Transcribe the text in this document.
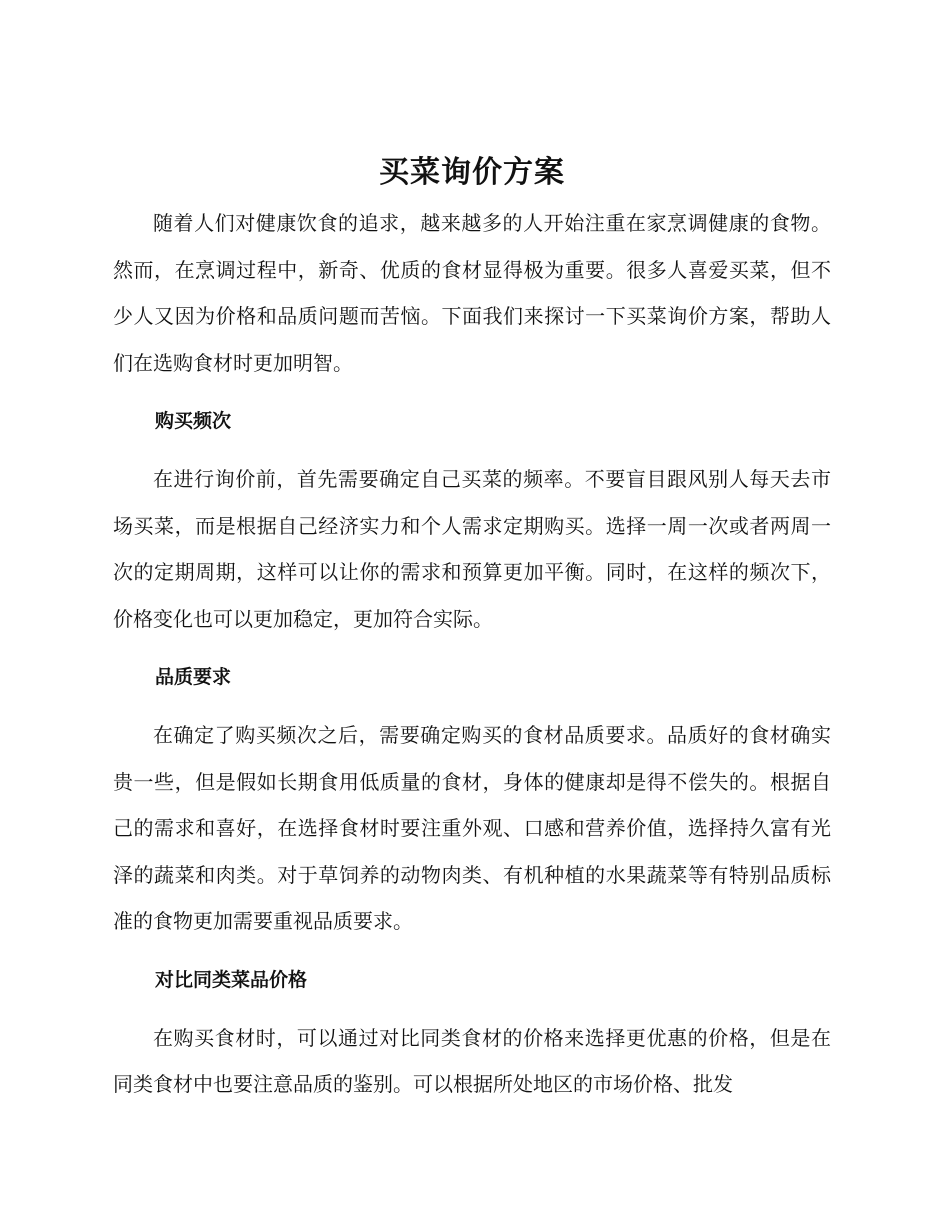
买菜询价方案

随着人们对健康饮食的追求，越来越多的人开始注重在家烹调健康的食物。然而，在烹调过程中，新奇、优质的食材显得极为重要。很多人喜爱买菜，但不少人又因为价格和品质问题而苦恼。下面我们来探讨一下买菜询价方案，帮助人们在选购食材时更加明智。

购买频次

在进行询价前，首先需要确定自己买菜的频率。不要盲目跟风别人每天去市场买菜，而是根据自己经济实力和个人需求定期购买。选择一周一次或者两周一次的定期周期，这样可以让你的需求和预算更加平衡。同时，在这样的频次下，价格变化也可以更加稳定，更加符合实际。

品质要求

在确定了购买频次之后，需要确定购买的食材品质要求。品质好的食材确实贵一些，但是假如长期食用低质量的食材，身体的健康却是得不偿失的。根据自己的需求和喜好，在选择食材时要注重外观、口感和营养价值，选择持久富有光泽的蔬菜和肉类。对于草饲养的动物肉类、有机种植的水果蔬菜等有特别品质标准的食物更加需要重视品质要求。

对比同类菜品价格

在购买食材时，可以通过对比同类食材的价格来选择更优惠的价格，但是在同类食材中也要注意品质的鉴别。可以根据所处地区的市场价格、批发
